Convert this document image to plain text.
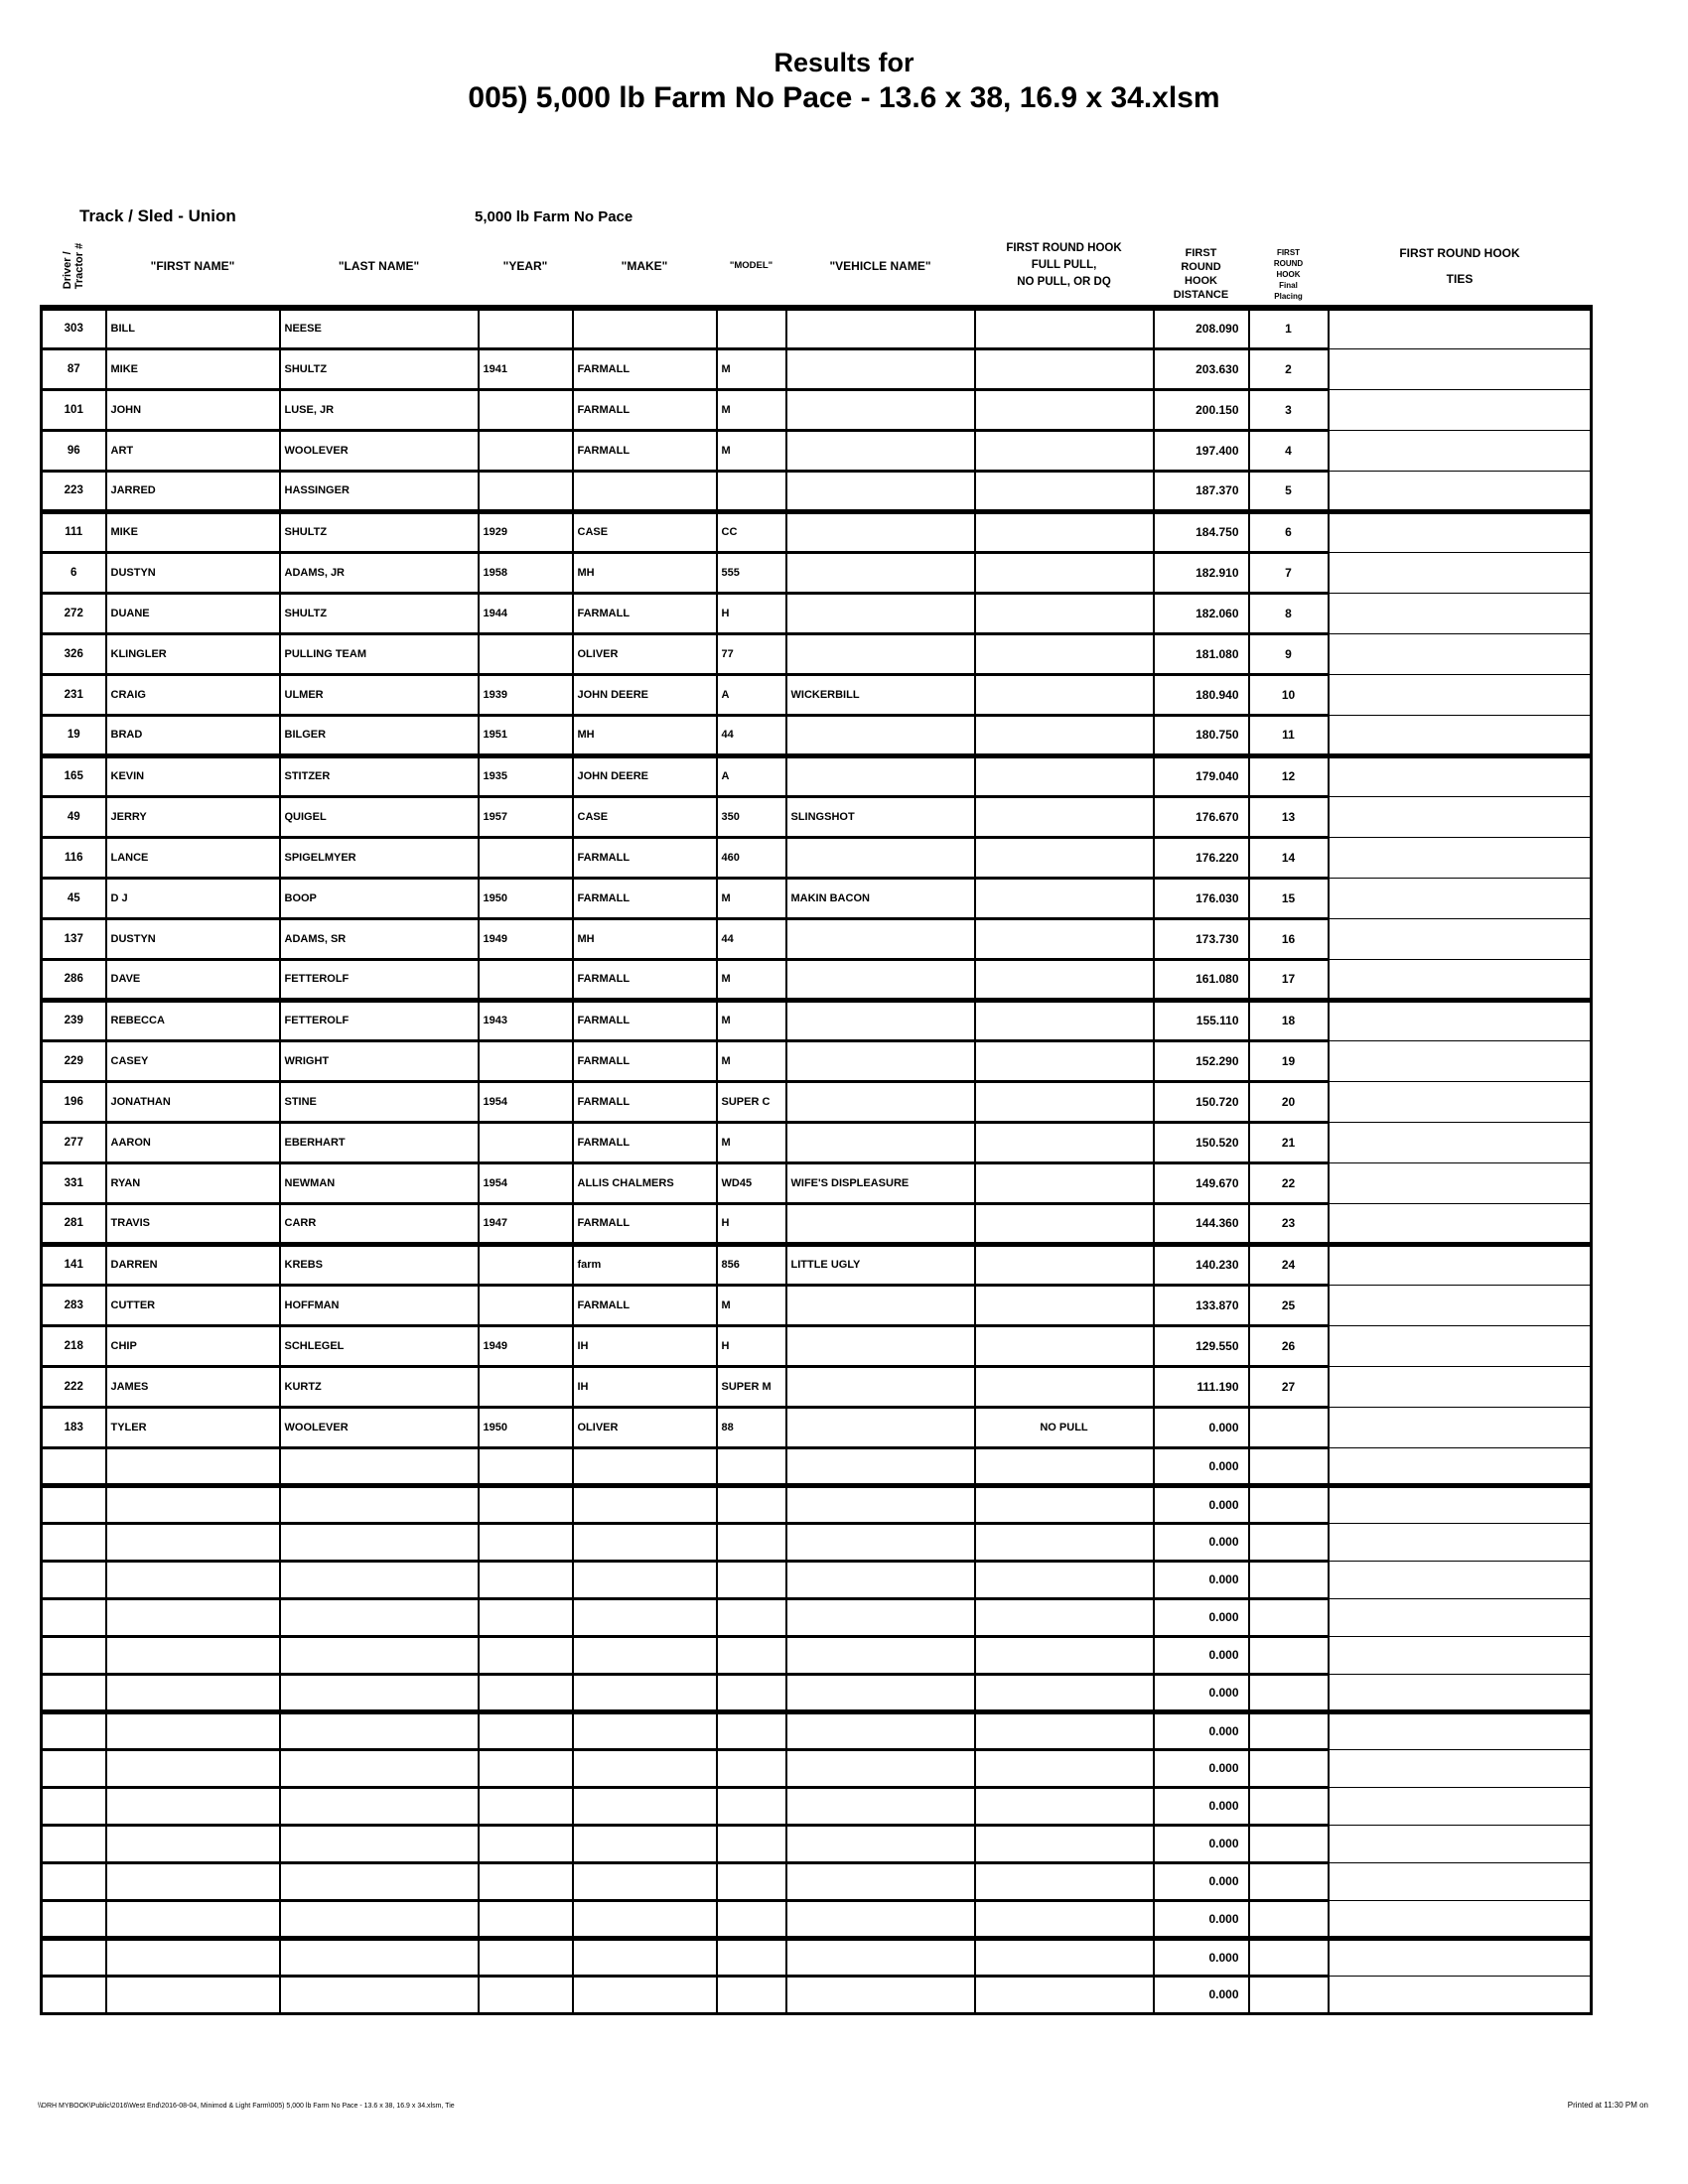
Results for
005) 5,000 lb Farm No Pace - 13.6 x 38, 16.9 x 34.xlsm
Track / Sled - Union	5,000 lb Farm No Pace
Driver /
Tractor #	"FIRST NAME"	"LAST NAME"	"YEAR"	"MAKE"	"MODEL"	"VEHICLE NAME"	FIRST ROUND HOOK
FULL PULL,
NO PULL, OR DQ	FIRST
ROUND
HOOK
DISTANCE	FIRST
ROUND
HOOK
Final
Placing	FIRST ROUND HOOK
TIES
303	BILL	NEESE						208.090	1	
87	MIKE	SHULTZ	1941	FARMALL	M			203.630	2	
101	JOHN	LUSE, JR		FARMALL	M			200.150	3	
96	ART	WOOLEVER		FARMALL	M			197.400	4	
223	JARRED	HASSINGER						187.370	5	
111	MIKE	SHULTZ	1929	CASE	CC			184.750	6	
6	DUSTYN	ADAMS, JR	1958	MH	555			182.910	7	
272	DUANE	SHULTZ	1944	FARMALL	H			182.060	8	
326	KLINGLER	PULLING TEAM		OLIVER	77			181.080	9	
231	CRAIG	ULMER	1939	JOHN DEERE	A	WICKERBILL		180.940	10	
19	BRAD	BILGER	1951	MH	44			180.750	11	
165	KEVIN	STITZER	1935	JOHN DEERE	A			179.040	12	
49	JERRY	QUIGEL	1957	CASE	350	SLINGSHOT		176.670	13	
116	LANCE	SPIGELMYER		FARMALL	460			176.220	14	
45	D J	BOOP	1950	FARMALL	M	MAKIN BACON		176.030	15	
137	DUSTYN	ADAMS, SR	1949	MH	44			173.730	16	
286	DAVE	FETTEROLF		FARMALL	M			161.080	17	
239	REBECCA	FETTEROLF	1943	FARMALL	M			155.110	18	
229	CASEY	WRIGHT		FARMALL	M			152.290	19	
196	JONATHAN	STINE	1954	FARMALL	SUPER C			150.720	20	
277	AARON	EBERHART		FARMALL	M			150.520	21	
331	RYAN	NEWMAN	1954	ALLIS CHALMERS	WD45	WIFE'S DISPLEASURE		149.670	22	
281	TRAVIS	CARR	1947	FARMALL	H			144.360	23	
141	DARREN	KREBS		farm	856	LITTLE UGLY		140.230	24	
283	CUTTER	HOFFMAN		FARMALL	M			133.870	25	
218	CHIP	SCHLEGEL	1949	IH	H			129.550	26	
222	JAMES	KURTZ		IH	SUPER M			111.190	27	
183	TYLER	WOOLEVER	1950	OLIVER	88		NO PULL	0.000		
								0.000		
								0.000		
								0.000		
								0.000		
								0.000		
								0.000		
								0.000		
								0.000		
								0.000		
								0.000		
								0.000		
								0.000		
								0.000		
								0.000		
								0.000		
\\DRH MYBOOK\Public\2016\West End\2016-08-04, Minimod & Light Farm\005) 5,000 lb Farm No Pace - 13.6 x 38, 16.9 x 34.xlsm, Tie	Printed at 11:30 PM on
